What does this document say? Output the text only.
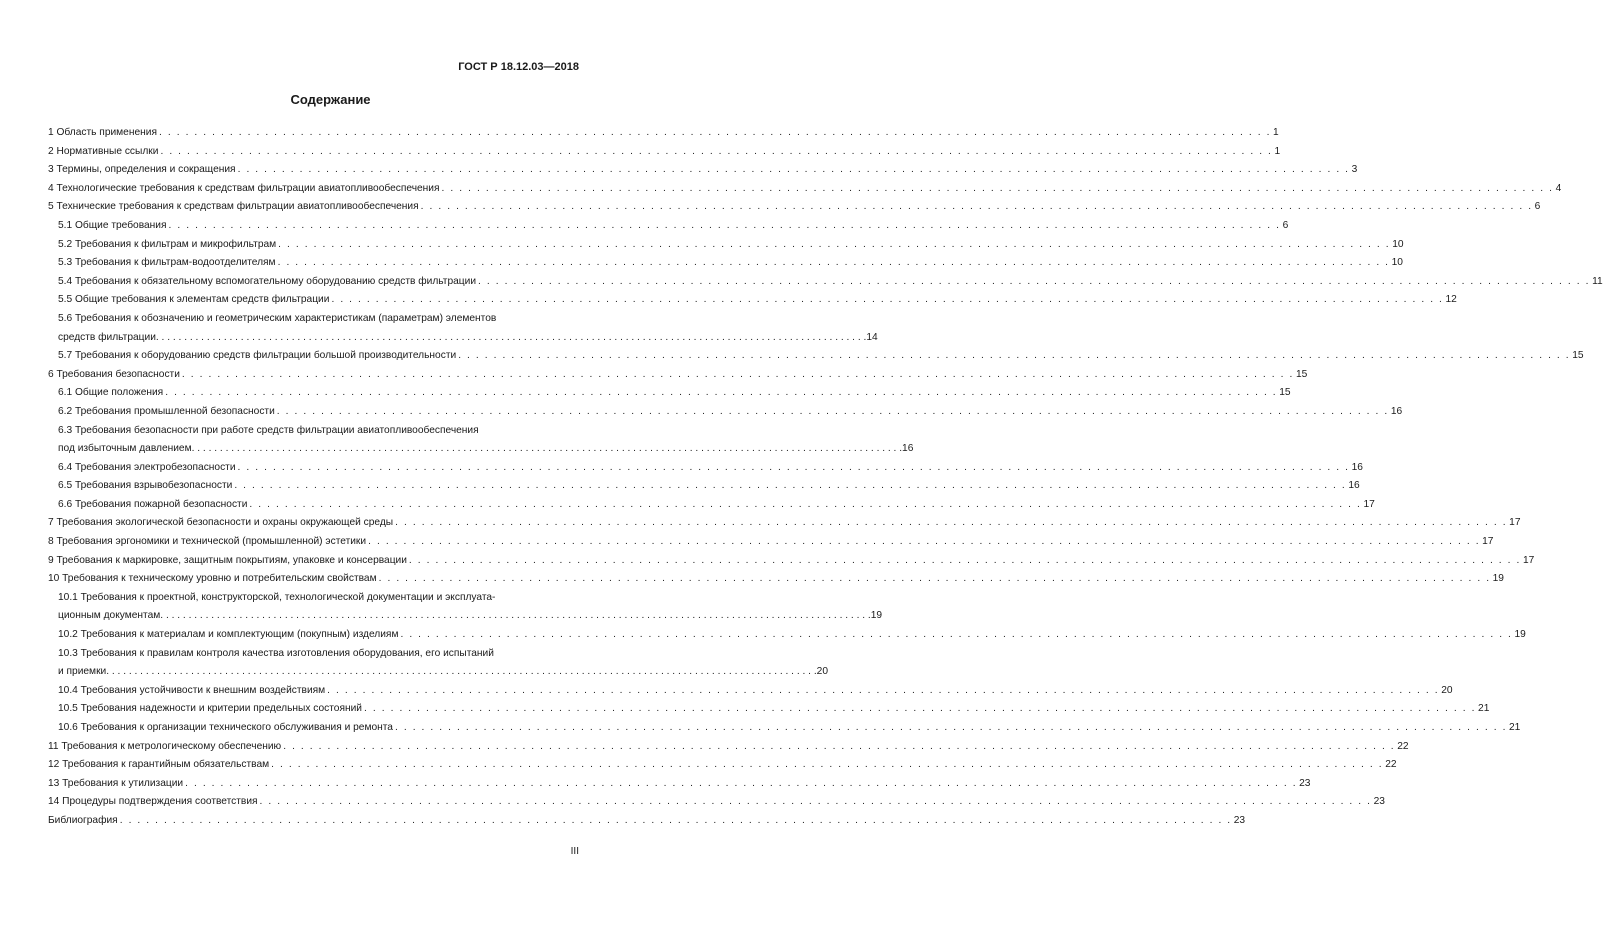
ГОСТ Р 18.12.03—2018
Содержание
1 Область применения . . . . . . . . . . . . . . . . . . . . . . . . . . . . . . . . . . . . . . . . . . . . . . . . . . . . . . . . . . . . . . . . . . . . . . . . . . . . . . . . . . . . . . . . . . . . . . . . . . . . . . . . . . . . . . . . . . . . . . . . . . . . . . 1
2 Нормативные ссылки . . . . . . . . . . . . . . . . . . . . . . . . . . . . . . . . . . . . . . . . . . . . . . . . . . . . . . . . . . . . . . . . . . . . . . . . . . . . . . . . . . . . . . . . . . . . . . . . . . . . . . . . . . . . . . . . . . . . . . . . . . . . . . 1
3 Термины, определения и сокращения . . . . . . . . . . . . . . . . . . . . . . . . . . . . . . . . . . . . . . . . . . . . . . . . . . . . . . . . . . . . . . . . . . . . . . . . . . . . . . . . . . . . . . . . . . . . . . . . . . . . . . . . . . . . . . . . . . . . . . . . . . . . . . 3
4 Технологические требования к средствам фильтрации авиатопливообеспечения . . . . . . . . . . . . . . . . . . . . . . . . . . . . . . . . . . . . . . . . . . . . . . . . . . . . . . . . . . . . . . . . . . . . . . . . . . . . . . . . . . . . . . . . . . . . . . . . . . . . . . . . . . . . . . . . . . . . . . . . . . . . . . 4
5 Технические требования к средствам фильтрации авиатопливообеспечения . . . . . . . . . . . . . . . . . . . . . . . . . . . . . . . . . . . . . . . . . . . . . . . . . . . . . . . . . . . . . . . . . . . . . . . . . . . . . . . . . . . . . . . . . . . . . . . . . . . . . . . . . . . . . . . . . . . . . . . . . . . . . . 6
5.1 Общие требования . . . . . . . . . . . . . . . . . . . . . . . . . . . . . . . . . . . . . . . . . . . . . . . . . . . . . . . . . . . . . . . . . . . . . . . . . . . . . . . . . . . . . . . . . . . . . . . . . . . . . . . . . . . . . . . . . . . . . . . . . . . . . . 6
5.2 Требования к фильтрам и микрофильтрам . . . . . . . . . . . . . . . . . . . . . . . . . . . . . . . . . . . . . . . . . . . . . . . . . . . . . . . . . . . . . . . . . . . . . . . . . . . . . . . . . . . . . . . . . . . . . . . . . . . . . . . . . . . . . . . . . . . . . . . . . . . . . . 10
5.3 Требования к фильтрам-водоотделителям . . . . . . . . . . . . . . . . . . . . . . . . . . . . . . . . . . . . . . . . . . . . . . . . . . . . . . . . . . . . . . . . . . . . . . . . . . . . . . . . . . . . . . . . . . . . . . . . . . . . . . . . . . . . . . . . . . . . . . . . . . . . . . 10
5.4 Требования к обязательному вспомогательному оборудованию средств фильтрации . . . . . . . . . . . . . . . . . . . . . . . . . . . . . . . . . . . . . . . . . . . . . . . . . . . . . . . . . . . . . . . . . . . . . . . . . . . . . . . . . . . . . . . . . . . . . . . . . . . . . . . . . . . . . . . . . . . . . . . . . . . . . . 11
5.5 Общие требования к элементам средств фильтрации . . . . . . . . . . . . . . . . . . . . . . . . . . . . . . . . . . . . . . . . . . . . . . . . . . . . . . . . . . . . . . . . . . . . . . . . . . . . . . . . . . . . . . . . . . . . . . . . . . . . . . . . . . . . . . . . . . . . . . . . . . . . . . 12
5.6 Требования к обозначению и геометрическим характеристикам (параметрам) элементов
средств фильтрации . . . . . . . . . . . . . . . . . . . . . . . . . . . . . . . . . . . . . . . . . . . . . . . . . . . . . . . . . . . . . . . . . . . . . . . . . . . . . . . . . . . . . . . . . . . . . . . . . . . . . . . . . . . . . . . . . . . . . . . . . . . . . . 14
5.7 Требования к оборудованию средств фильтрации большой производительности . . . . . . . . . . . . . . . . . . . . . . . . . . . . . . . . . . . . . . . . . . . . . . . . . . . . . . . . . . . . . . . . . . . . . . . . . . . . . . . . . . . . . . . . . . . . . . . . . . . . . . . . . . . . . . . . . . . . . . . . . . . . . . 15
6 Требования безопасности . . . . . . . . . . . . . . . . . . . . . . . . . . . . . . . . . . . . . . . . . . . . . . . . . . . . . . . . . . . . . . . . . . . . . . . . . . . . . . . . . . . . . . . . . . . . . . . . . . . . . . . . . . . . . . . . . . . . . . . . . . . . . . 15
6.1 Общие положения . . . . . . . . . . . . . . . . . . . . . . . . . . . . . . . . . . . . . . . . . . . . . . . . . . . . . . . . . . . . . . . . . . . . . . . . . . . . . . . . . . . . . . . . . . . . . . . . . . . . . . . . . . . . . . . . . . . . . . . . . . . . . . 15
6.2 Требования промышленной безопасности . . . . . . . . . . . . . . . . . . . . . . . . . . . . . . . . . . . . . . . . . . . . . . . . . . . . . . . . . . . . . . . . . . . . . . . . . . . . . . . . . . . . . . . . . . . . . . . . . . . . . . . . . . . . . . . . . . . . . . . . . . . . . . 16
6.3 Требования безопасности при работе средств фильтрации авиатопливообеспечения
под избыточным давлением . . . . . . . . . . . . . . . . . . . . . . . . . . . . . . . . . . . . . . . . . . . . . . . . . . . . . . . . . . . . . . . . . . . . . . . . . . . . . . . . . . . . . . . . . . . . . . . . . . . . . . . . . . . . . . . . . . . . . . . . . . . . . . 16
6.4 Требования электробезопасности . . . . . . . . . . . . . . . . . . . . . . . . . . . . . . . . . . . . . . . . . . . . . . . . . . . . . . . . . . . . . . . . . . . . . . . . . . . . . . . . . . . . . . . . . . . . . . . . . . . . . . . . . . . . . . . . . . . . . . . . . . . . . . 16
6.5 Требования взрывобезопасности . . . . . . . . . . . . . . . . . . . . . . . . . . . . . . . . . . . . . . . . . . . . . . . . . . . . . . . . . . . . . . . . . . . . . . . . . . . . . . . . . . . . . . . . . . . . . . . . . . . . . . . . . . . . . . . . . . . . . . . . . . . . . . 16
6.6 Требования пожарной безопасности . . . . . . . . . . . . . . . . . . . . . . . . . . . . . . . . . . . . . . . . . . . . . . . . . . . . . . . . . . . . . . . . . . . . . . . . . . . . . . . . . . . . . . . . . . . . . . . . . . . . . . . . . . . . . . . . . . . . . . . . . . . . . . 17
7 Требования экологической безопасности и охраны окружающей среды . . . . . . . . . . . . . . . . . . . . . . . . . . . . . . . . . . . . . . . . . . . . . . . . . . . . . . . . . . . . . . . . . . . . . . . . . . . . . . . . . . . . . . . . . . . . . . . . . . . . . . . . . . . . . . . . . . . . . . . . . . . . . . 17
8 Требования эргономики и технической (промышленной) эстетики . . . . . . . . . . . . . . . . . . . . . . . . . . . . . . . . . . . . . . . . . . . . . . . . . . . . . . . . . . . . . . . . . . . . . . . . . . . . . . . . . . . . . . . . . . . . . . . . . . . . . . . . . . . . . . . . . . . . . . . . . . . . . . 17
9 Требования к маркировке, защитным покрытиям, упаковке и консервации . . . . . . . . . . . . . . . . . . . . . . . . . . . . . . . . . . . . . . . . . . . . . . . . . . . . . . . . . . . . . . . . . . . . . . . . . . . . . . . . . . . . . . . . . . . . . . . . . . . . . . . . . . . . . . . . . . . . . . . . . . . . . . 17
10 Требования к техническому уровню и потребительским свойствам . . . . . . . . . . . . . . . . . . . . . . . . . . . . . . . . . . . . . . . . . . . . . . . . . . . . . . . . . . . . . . . . . . . . . . . . . . . . . . . . . . . . . . . . . . . . . . . . . . . . . . . . . . . . . . . . . . . . . . . . . . . . . . 19
10.1 Требования к проектной, конструкторской, технологической документации и эксплуата-
ционным документам . . . . . . . . . . . . . . . . . . . . . . . . . . . . . . . . . . . . . . . . . . . . . . . . . . . . . . . . . . . . . . . . . . . . . . . . . . . . . . . . . . . . . . . . . . . . . . . . . . . . . . . . . . . . . . . . . . . . . . . . . . . . . . 19
10.2 Требования к материалам и комплектующим (покупным) изделиям . . . . . . . . . . . . . . . . . . . . . . . . . . . . . . . . . . . . . . . . . . . . . . . . . . . . . . . . . . . . . . . . . . . . . . . . . . . . . . . . . . . . . . . . . . . . . . . . . . . . . . . . . . . . . . . . . . . . . . . . . . . . . . 19
10.3 Требования к правилам контроля качества изготовления оборудования, его испытаний
и приемки . . . . . . . . . . . . . . . . . . . . . . . . . . . . . . . . . . . . . . . . . . . . . . . . . . . . . . . . . . . . . . . . . . . . . . . . . . . . . . . . . . . . . . . . . . . . . . . . . . . . . . . . . . . . . . . . . . . . . . . . . . . . . . 20
10.4 Требования устойчивости к внешним воздействиям . . . . . . . . . . . . . . . . . . . . . . . . . . . . . . . . . . . . . . . . . . . . . . . . . . . . . . . . . . . . . . . . . . . . . . . . . . . . . . . . . . . . . . . . . . . . . . . . . . . . . . . . . . . . . . . . . . . . . . . . . . . . . . 20
10.5 Требования надежности и критерии предельных состояний . . . . . . . . . . . . . . . . . . . . . . . . . . . . . . . . . . . . . . . . . . . . . . . . . . . . . . . . . . . . . . . . . . . . . . . . . . . . . . . . . . . . . . . . . . . . . . . . . . . . . . . . . . . . . . . . . . . . . . . . . . . . . . 21
10.6 Требования к организации технического обслуживания и ремонта . . . . . . . . . . . . . . . . . . . . . . . . . . . . . . . . . . . . . . . . . . . . . . . . . . . . . . . . . . . . . . . . . . . . . . . . . . . . . . . . . . . . . . . . . . . . . . . . . . . . . . . . . . . . . . . . . . . . . . . . . . . . . . 21
11 Требования к метрологическому обеспечению . . . . . . . . . . . . . . . . . . . . . . . . . . . . . . . . . . . . . . . . . . . . . . . . . . . . . . . . . . . . . . . . . . . . . . . . . . . . . . . . . . . . . . . . . . . . . . . . . . . . . . . . . . . . . . . . . . . . . . . . . . . . . . 22
12 Требования к гарантийным обязательствам . . . . . . . . . . . . . . . . . . . . . . . . . . . . . . . . . . . . . . . . . . . . . . . . . . . . . . . . . . . . . . . . . . . . . . . . . . . . . . . . . . . . . . . . . . . . . . . . . . . . . . . . . . . . . . . . . . . . . . . . . . . . . . 22
13 Требования к утилизации . . . . . . . . . . . . . . . . . . . . . . . . . . . . . . . . . . . . . . . . . . . . . . . . . . . . . . . . . . . . . . . . . . . . . . . . . . . . . . . . . . . . . . . . . . . . . . . . . . . . . . . . . . . . . . . . . . . . . . . . . . . . . . 23
14 Процедуры подтверждения соответствия . . . . . . . . . . . . . . . . . . . . . . . . . . . . . . . . . . . . . . . . . . . . . . . . . . . . . . . . . . . . . . . . . . . . . . . . . . . . . . . . . . . . . . . . . . . . . . . . . . . . . . . . . . . . . . . . . . . . . . . . . . . . . . 23
Библиография . . . . . . . . . . . . . . . . . . . . . . . . . . . . . . . . . . . . . . . . . . . . . . . . . . . . . . . . . . . . . . . . . . . . . . . . . . . . . . . . . . . . . . . . . . . . . . . . . . . . . . . . . . . . . . . . . . . . . . . . . . . . . . 23
III
